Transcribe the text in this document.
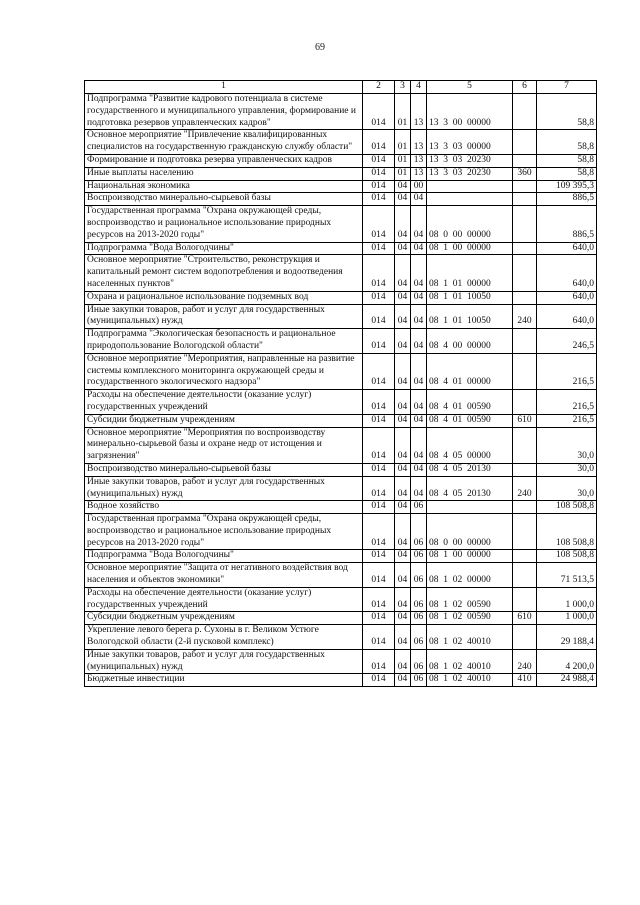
69
1	2	3	4	5	6	7
Подпрограмма "Развитие кадрового потенциала в системе государственного и муниципального управления, формирование и подготовка резервов управленческих кадров"	014	01	13	13  3  00  00000		58,8
Основное мероприятие "Привлечение квалифицированных специалистов на государственную гражданскую службу области"	014	01	13	13  3  03  00000		58,8
Формирование и подготовка резерва управленческих кадров	014	01	13	13  3  03  20230		58,8
Иные выплаты населению	014	01	13	13  3  03  20230	360	58,8
Национальная экономика	014	04	00			109 395,3
Воспроизводство минерально-сырьевой базы	014	04	04			886,5
Государственная программа "Охрана окружающей среды, воспроизводство и рациональное использование природных ресурсов на 2013-2020 годы"	014	04	04	08  0  00  00000		886,5
Подпрограмма "Вода Вологодчины"	014	04	04	08  1  00  00000		640,0
Основное мероприятие "Строительство, реконструкция и капитальный ремонт систем водопотребления и водоотведения населенных пунктов"	014	04	04	08  1  01  00000		640,0
Охрана и рациональное использование подземных вод	014	04	04	08  1  01  10050		640,0
Иные закупки товаров, работ и услуг для государственных (муниципальных) нужд	014	04	04	08  1  01  10050	240	640,0
Подпрограмма "Экологическая безопасность и рациональное природопользование Вологодской области"	014	04	04	08  4  00  00000		246,5
Основное мероприятие "Мероприятия, направленные на развитие системы комплексного мониторинга окружающей среды и государственного экологического надзора"	014	04	04	08  4  01  00000		216,5
Расходы на обеспечение деятельности (оказание услуг) государственных учреждений	014	04	04	08  4  01  00590		216,5
Субсидии бюджетным учреждениям	014	04	04	08  4  01  00590	610	216,5
Основное мероприятие "Мероприятия по воспроизводству минерально-сырьевой базы и охране недр от истощения и загрязнения"	014	04	04	08  4  05  00000		30,0
Воспроизводство минерально-сырьевой базы	014	04	04	08  4  05  20130		30,0
Иные закупки товаров, работ и услуг для государственных (муниципальных) нужд	014	04	04	08  4  05  20130	240	30,0
Водное хозяйство	014	04	06			108 508,8
Государственная программа "Охрана окружающей среды, воспроизводство и рациональное использование природных ресурсов на 2013-2020 годы"	014	04	06	08  0  00  00000		108 508,8
Подпрограмма "Вода Вологодчины"	014	04	06	08  1  00  00000		108 508,8
Основное мероприятие "Защита от негативного воздействия вод населения и объектов экономики"	014	04	06	08  1  02  00000		71 513,5
Расходы на обеспечение деятельности (оказание услуг) государственных учреждений	014	04	06	08  1  02  00590		1 000,0
Субсидии бюджетным учреждениям	014	04	06	08  1  02  00590	610	1 000,0
Укрепление левого берега р. Сухоны в г. Великом Устюге Вологодской области (2-й пусковой комплекс)	014	04	06	08  1  02  40010		29 188,4
Иные закупки товаров, работ и услуг для государственных (муниципальных) нужд	014	04	06	08  1  02  40010	240	4 200,0
Бюджетные инвестиции	014	04	06	08  1  02  40010	410	24 988,4
